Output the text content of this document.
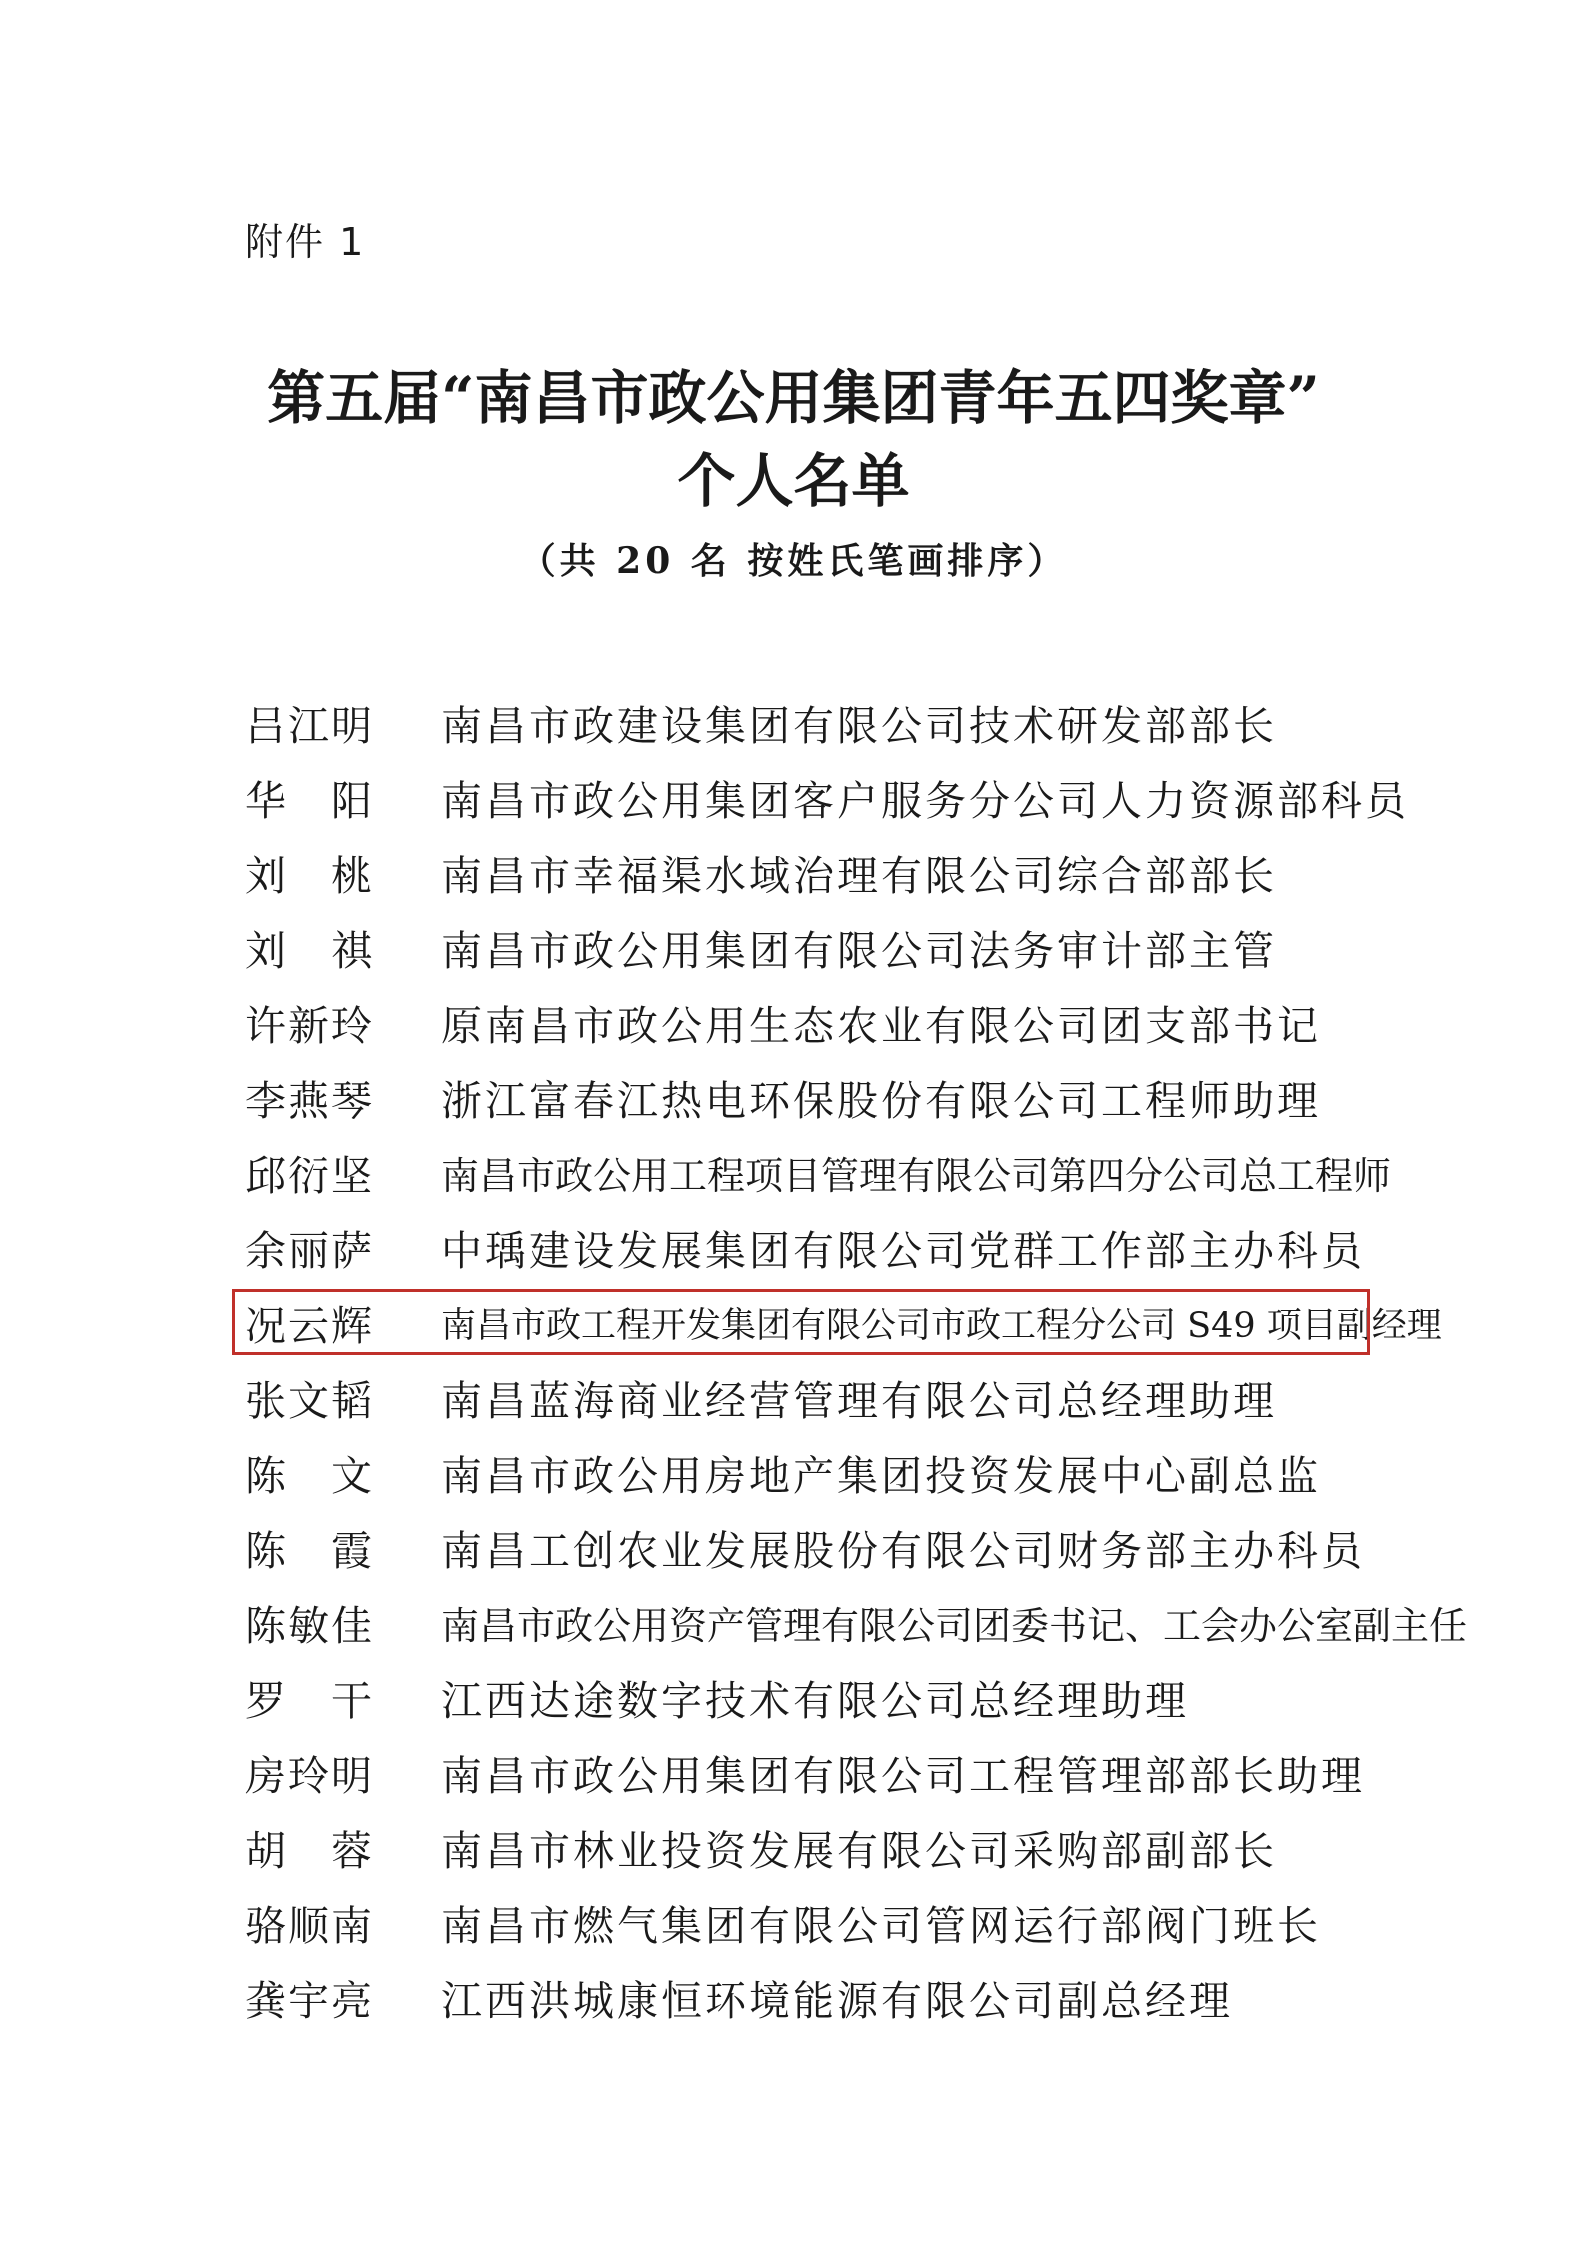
附件 1
第五届“南昌市政公用集团青年五四奖章”
个人名单
（共 20 名 按姓氏笔画排序）
吕江明	南昌市政建设集团有限公司技术研发部部长
华　阳	南昌市政公用集团客户服务分公司人力资源部科员
刘　桃	南昌市幸福渠水域治理有限公司综合部部长
刘　祺	南昌市政公用集团有限公司法务审计部主管
许新玲	原南昌市政公用生态农业有限公司团支部书记
李燕琴	浙江富春江热电环保股份有限公司工程师助理
邱衍坚	南昌市政公用工程项目管理有限公司第四分公司总工程师
余丽萨	中瑀建设发展集团有限公司党群工作部主办科员
况云辉	南昌市政工程开发集团有限公司市政工程分公司 S49 项目副经理
张文韬	南昌蓝海商业经营管理有限公司总经理助理
陈　文	南昌市政公用房地产集团投资发展中心副总监
陈　霞	南昌工创农业发展股份有限公司财务部主办科员
陈敏佳	南昌市政公用资产管理有限公司团委书记、工会办公室副主任
罗　干	江西达途数字技术有限公司总经理助理
房玲明	南昌市政公用集团有限公司工程管理部部长助理
胡　蓉	南昌市林业投资发展有限公司采购部副部长
骆顺南	南昌市燃气集团有限公司管网运行部阀门班长
龚宇亮	江西洪城康恒环境能源有限公司副总经理
